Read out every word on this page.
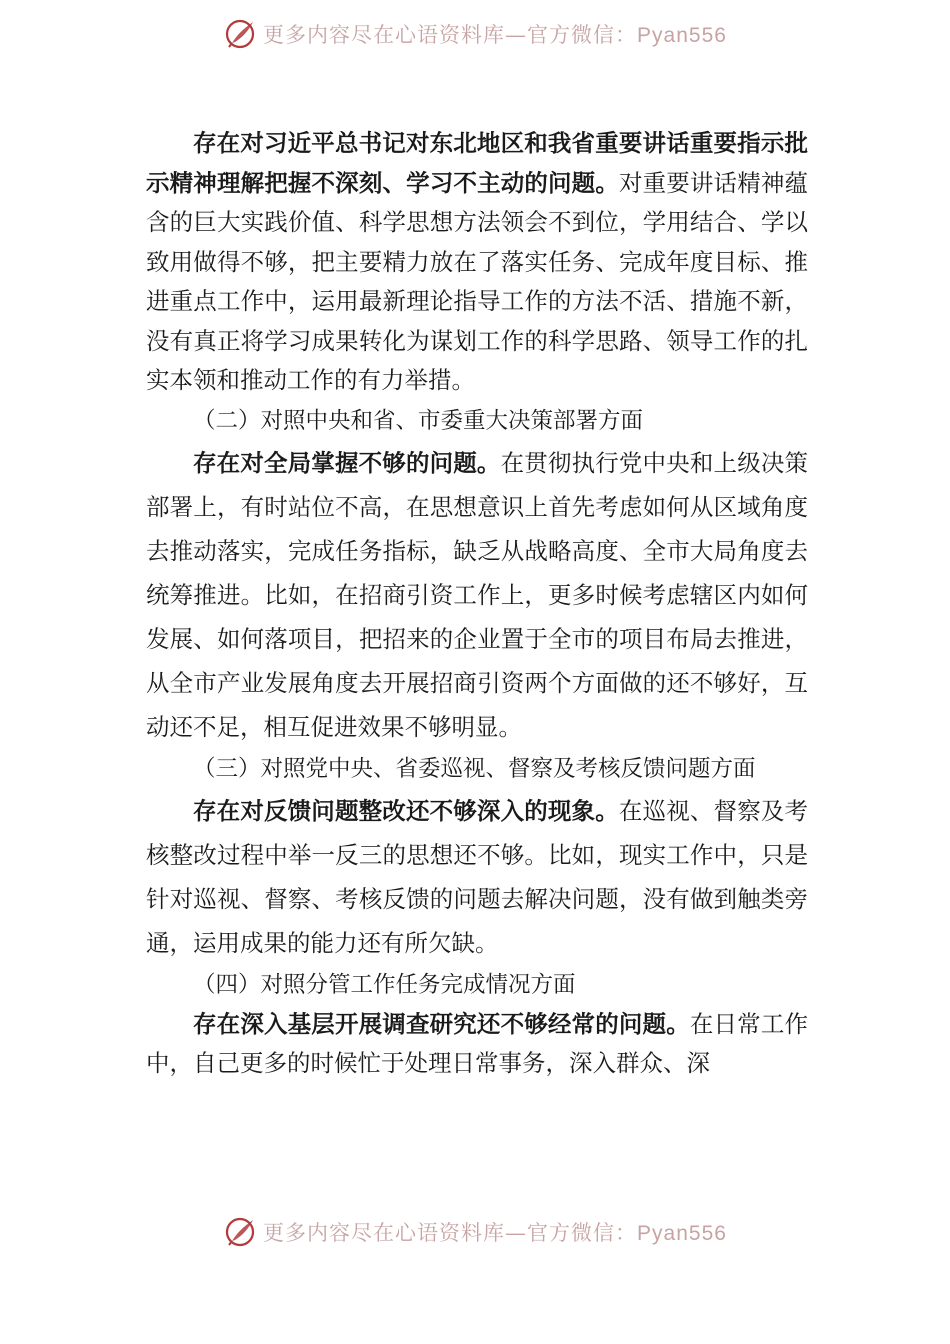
更多内容尽在心语资料库—官方微信：Pyan556

存在对习近平总书记对东北地区和我省重要讲话重要指示批示精神理解把握不深刻、学习不主动的问题。对重要讲话精神蕴含的巨大实践价值、科学思想方法领会不到位，学用结合、学以致用做得不够，把主要精力放在了落实任务、完成年度目标、推进重点工作中，运用最新理论指导工作的方法不活、措施不新，没有真正将学习成果转化为谋划工作的科学思路、领导工作的扎实本领和推动工作的有力举措。

（二）对照中央和省、市委重大决策部署方面

存在对全局掌握不够的问题。在贯彻执行党中央和上级决策部署上，有时站位不高，在思想意识上首先考虑如何从区域角度去推动落实，完成任务指标，缺乏从战略高度、全市大局角度去统筹推进。比如，在招商引资工作上，更多时候考虑辖区内如何发展、如何落项目，把招来的企业置于全市的项目布局去推进，从全市产业发展角度去开展招商引资两个方面做的还不够好，互动还不足，相互促进效果不够明显。

（三）对照党中央、省委巡视、督察及考核反馈问题方面

存在对反馈问题整改还不够深入的现象。在巡视、督察及考核整改过程中举一反三的思想还不够。比如，现实工作中，只是针对巡视、督察、考核反馈的问题去解决问题，没有做到触类旁通，运用成果的能力还有所欠缺。

（四）对照分管工作任务完成情况方面

存在深入基层开展调查研究还不够经常的问题。在日常工作中，自己更多的时候忙于处理日常事务，深入群众、深

更多内容尽在心语资料库—官方微信：Pyan556
